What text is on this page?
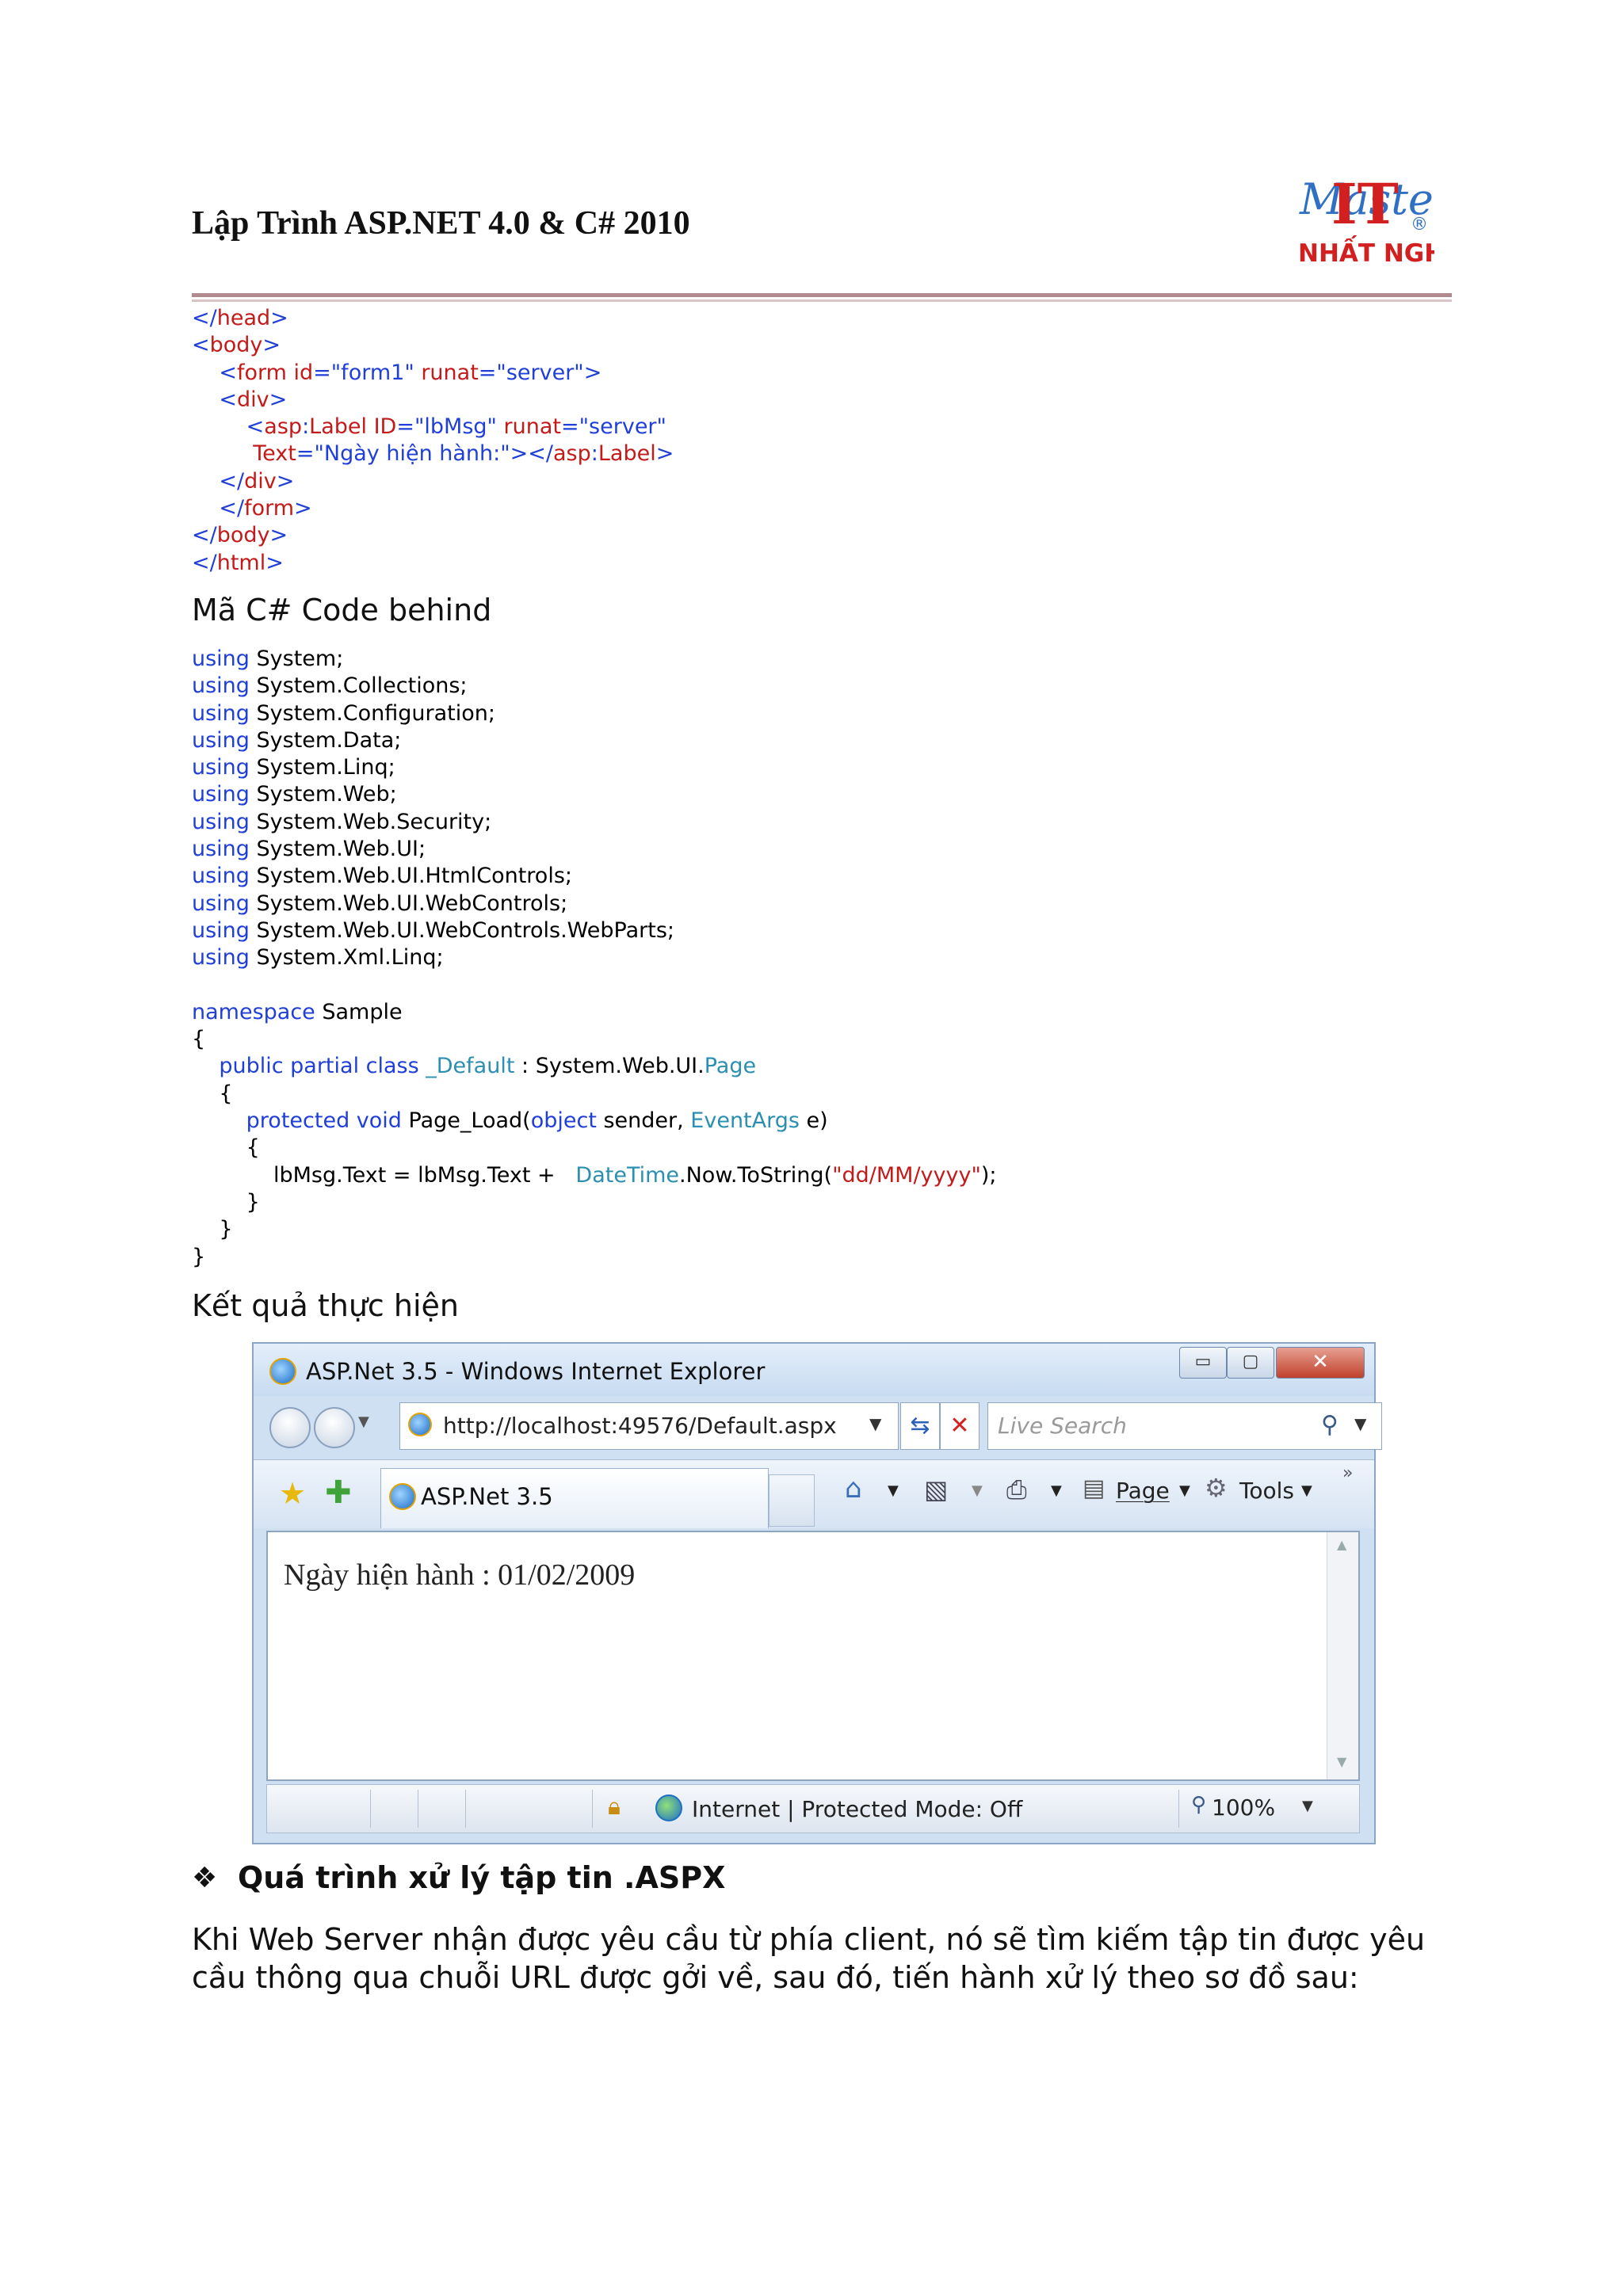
Lập Trình ASP.NET 4.0 & C# 2010	Maste
IT ®
NHẤT NG
</head>
<body>
<form id="form1" runat="server">
<div>
<asp:Label ID="lbMsg" runat="server"
Text="Ngày hiện hành:"></asp:Label>
</div>
</form>
</body>
</html>
Mã C# Code behind
using System;
using System.Collections;
using System.Configuration;
using System.Data;
using System.Linq;
using System.Web;
using System.Web.Security;
using System.Web.UI;
using System.Web.UI.HtmlControls;
using System.Web.UI.WebControls;
using System.Web.UI.WebControls.WebParts;
using System.Xml.Linq;

namespace Sample
{
public partial class _Default : System.Web.UI.Page
{
protected void Page_Load(object sender, EventArgs e)
{
lbMsg.Text = lbMsg.Text +   DateTime.Now.ToString("dd/MM/yyyy");
}
}
}
Kết quả thực hiện
ASP.Net 3.5 - Windows Internet Explorer	▭	▢	✕
▼	http://localhost:49576/Default.aspx ▼	⇆ ✕	Live Search	⚲ ▼
★ ✚	ASP.Net 3.5	⌂ ▼ ▧ ▼ ⎙ ▼ ▤ Page ▼ ⚙ Tools ▼
»
Ngày hiện hành : 01/02/2009
▲
▼
🔒︎	Internet | Protected Mode: Off	⚲ 100% ▼
❖ Quá trình xử lý tập tin .ASPX
Khi Web Server nhận được yêu cầu từ phía client, nó sẽ tìm kiếm tập tin được yêu cầu thông qua chuỗi URL được gởi về, sau đó, tiến hành xử lý theo sơ đồ sau:
